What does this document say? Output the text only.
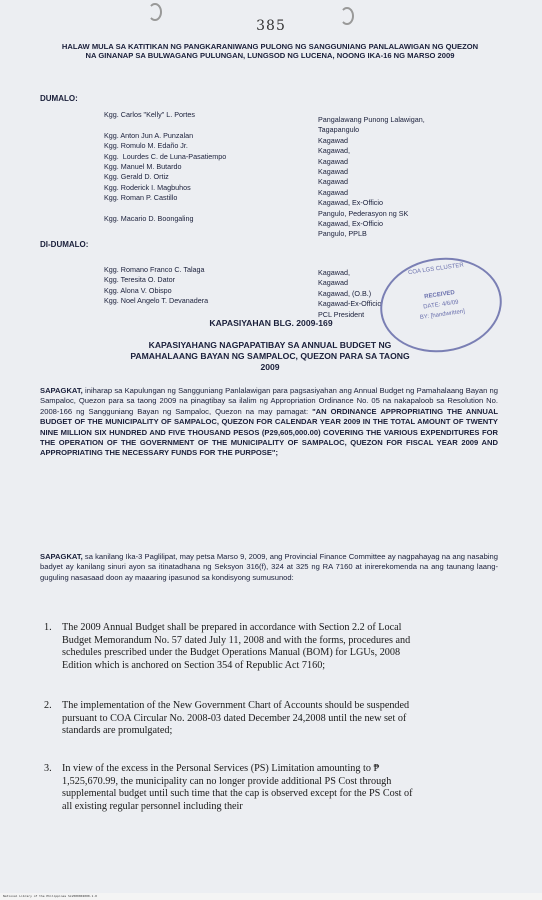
385
HALAW MULA SA KATITIKAN NG PANGKARANIWANG PULONG NG SANGGUNIANG PANLALAWIGAN NG QUEZON NA GINANAP SA BULWAGANG PULUNGAN, LUNGSOD NG LUCENA, NOONG IKA-16 NG MARSO 2009
DUMALO:
Kgg. Carlos "Kelly" L. Portes

Kgg. Anton Jun A. Punzalan
Kgg. Romulo M. Edaño Jr.
Kgg.  Lourdes C. de Luna-Pasatiempo
Kgg. Manuel M. Butardo
Kgg. Gerald D. Ortiz
Kgg. Roderick I. Magbuhos
Kgg. Roman P. Castillo

Kgg. Macario D. Boongaling
Pangalawang Punong Lalawigan,
Tagapangulo
Kagawad
Kagawad,
Kagawad
Kagawad
Kagawad
Kagawad
Kagawad, Ex-Officio
Pangulo, Pederasyon ng SK
Kagawad, Ex-Officio
Pangulo, PPLB
DI-DUMALO:
Kgg. Romano Franco C. Talaga
Kgg. Teresita O. Dator
Kgg. Alona V. Obispo
Kgg. Noel Angelo T. Devanadera
Kagawad,
Kagawad
Kagawad, (O.B.)
Kagawad-Ex-Officio
PCL President
COA LGS CLUSTER
RECEIVED
DATE: 4/6/09
BY: [handwritten]
KAPASIYAHAN BLG. 2009-169
KAPASIYAHANG NAGPAPATIBAY SA ANNUAL BUDGET NG PAMAHALAANG BAYAN NG SAMPALOC, QUEZON PARA SA TAONG 2009
SAPAGKAT, iniharap sa Kapulungan ng Sangguniang Panlalawigan para pagsasiyahan ang Annual Budget ng Pamahalaang Bayan ng Sampaloc, Quezon para sa taong 2009 na pinagtibay sa ilalim ng Appropriation Ordinance No. 05 na nakapaloob sa Resolution No. 2008-166 ng Sangguniang Bayan ng Sampaloc, Quezon na may pamagat: "AN ORDINANCE APPROPRIATING THE ANNUAL BUDGET OF THE MUNICIPALITY OF SAMPALOC, QUEZON FOR CALENDAR YEAR 2009 IN THE TOTAL AMOUNT OF TWENTY NINE MILLION SIX HUNDRED AND FIVE THOUSAND PESOS (P29,605,000.00) COVERING THE VARIOUS EXPENDITURES FOR THE OPERATION OF THE GOVERNMENT OF THE MUNICIPALITY OF SAMPALOC, QUEZON FOR FISCAL YEAR 2009 AND APPROPRIATING THE NECESSARY FUNDS FOR THE PURPOSE";
SAPAGKAT, sa kanilang Ika-3 Paglilipat, may petsa Marso 9, 2009, ang Provincial Finance Committee ay nagpahayag na ang nasabing badyet ay kanilang sinuri ayon sa itinatadhana ng Seksyon 316(f), 324 at 325 ng RA 7160 at inirerekomenda na ang taunang laang-guguling nasasaad doon ay maaaring ipasunod sa kondisyong sumusunod:
1. The 2009 Annual Budget shall be prepared in accordance with Section 2.2 of Local Budget Memorandum No. 57 dated July 11, 2008 and with the forms, procedures and schedules prescribed under the Budget Operations Manual (BOM) for LGUs, 2008 Edition which is anchored on Section 354 of Republic Act 7160;
2. The implementation of the New Government Chart of Accounts should be suspended pursuant to COA Circular No. 2008-03 dated December 24,2008 until the new set of standards are promulgated;
3. In view of the excess in the Personal Services (PS) Limitation amounting to ₱ 1,525,670.99, the municipality can no longer provide additional PS Cost through supplemental budget until such time that the cap is observed except for the PS Cost of all existing regular personnel including their
National Library of the Philippines SLV000002000.1.0
